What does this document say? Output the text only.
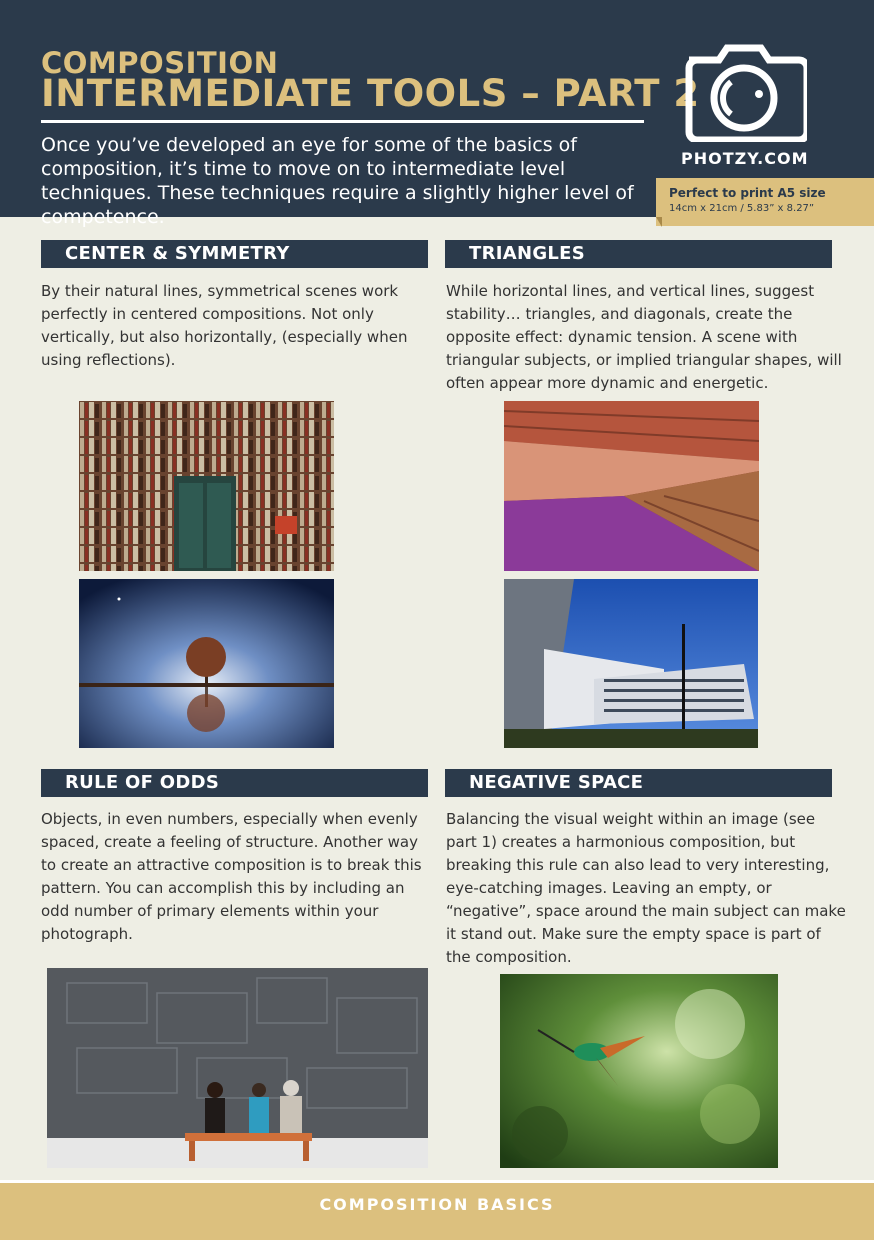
COMPOSITION
INTERMEDIATE TOOLS – PART 2
Once you’ve developed an eye for some of the basics of composition, it’s time to move on to intermediate level techniques. These techniques require a slightly higher level of competence.
PHOTZY.COM
Perfect to print A5 size
14cm x 21cm / 5.83” x 8.27”
CENTER & SYMMETRY
By their natural lines, symmetrical scenes work perfectly in centered compositions. Not only vertically, but also horizontally, (especially when using reflections).
TRIANGLES
While horizontal lines, and vertical lines, suggest stability… triangles, and diagonals, create the opposite effect: dynamic tension. A scene with triangular subjects, or implied triangular shapes, will often appear more dynamic and energetic.
RULE OF ODDS
Objects, in even numbers, especially when evenly spaced, create a feeling of structure. Another way to create an attractive composition is to break this pattern. You can accomplish this by including an odd number of primary elements within your photograph.
NEGATIVE SPACE
Balancing the visual weight within an image (see part 1) creates a harmonious composition, but breaking this rule can also lead to very interesting, eye-catching images. Leaving an empty, or “negative”, space around the main subject can make it stand out. Make sure the empty space is part of the composition.
COMPOSITION BASICS
